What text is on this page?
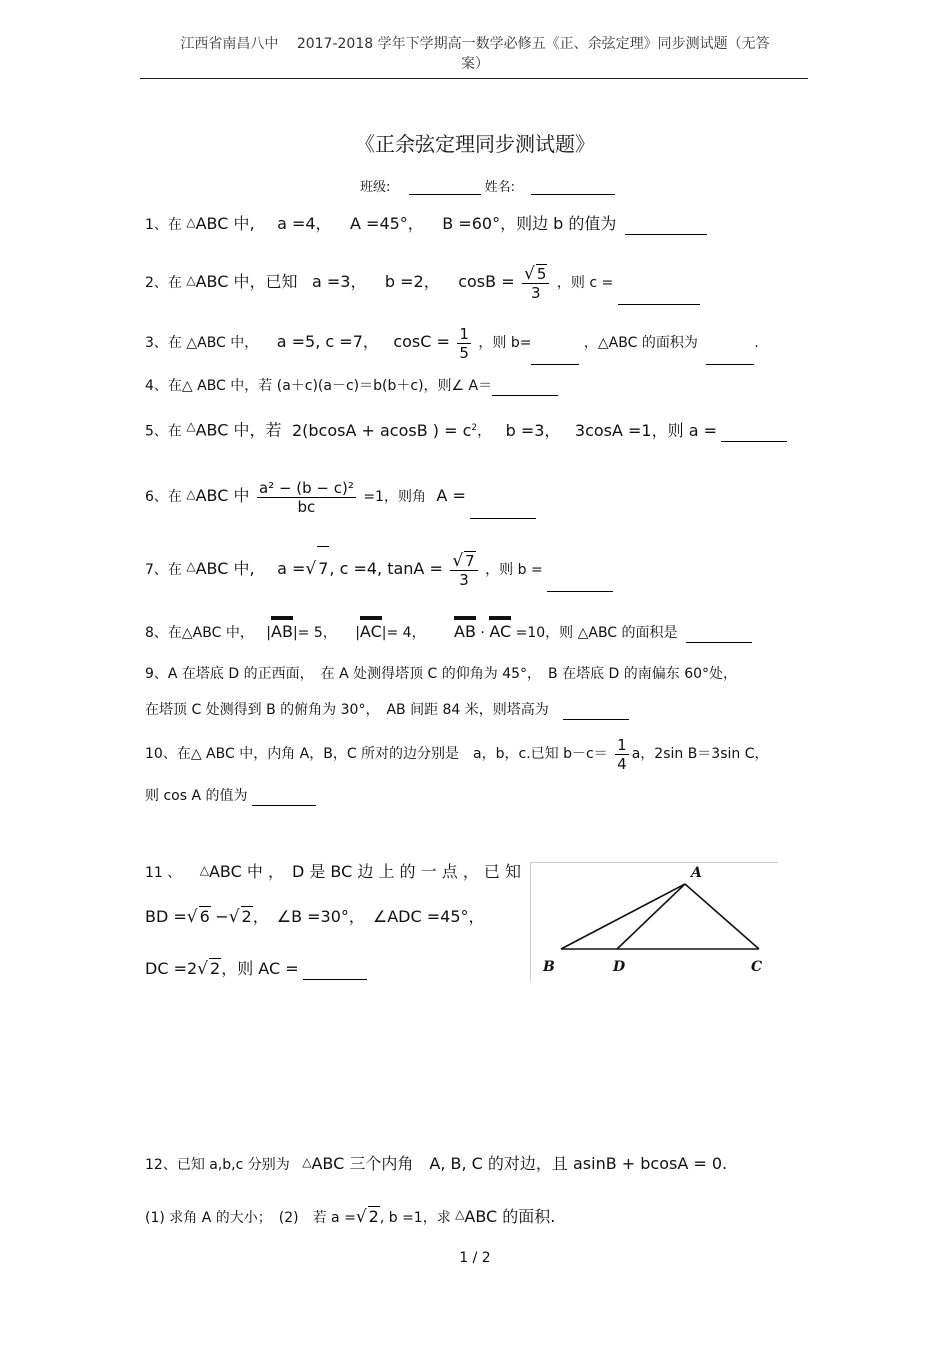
江西省南昌八中　 2017-2018 学年下学期高一数学必修五《正、余弦定理》同步测试题（无答
案）
《正余弦定理同步测试题》
班级:	姓名:
1、在 △ABC 中, a =4， A =45°， B =60°，则边 b 的值为
2、在 △ABC 中，已知 a =3， b =2， $\cos B = \frac{√ 5}{3}$ ，则 c =
3、在 △ABC 中， a =5, c =7， $\cos C = \frac{1}{5}$ ，则 b=	，△ABC 的面积为	.
4、在△ ABC 中，若 (a＋c)(a－c)＝b(b＋c)，则∠ A＝
5、在 △ABC 中，若 2(bcosA + acosB ) = $c^2$， b =3， 3cosA =1，则 a =
6、在 △ABC 中 $\frac{\text{a² − (b − c)²}}{bc} =1$，则角 A =
7、在 △ABC 中, a =√ 7, c =4, $\tan A = \frac{√ 7}{3}$ ，则 b =
8、在△ABC 中， |
AB|= 5， |
AC|= 4， AB · AC =10，则 △ABC 的面积是
9、A 在塔底 D 的正西面，　在 A 处测得塔顶 C 的仰角为 45°，　B 在塔底 D 的南偏东 60°处，
在塔顶 C 处测得到 B 的俯角为 30°，　AB 间距 84 米，则塔高为
10、在△ ABC 中，内角 A，B，C 所对的边分别是　a，b，c.已知 $b-c= \frac{1}{4}$ a，2sin B＝3sin C，
则 cos A 的值为
11 、 △ABC 中 ，　D 是 BC 边 上 的 一 点 ， 已 知
BD =√ 6 −√ 2，　∠B =30°，　∠ADC =45°，
DC =2√ 2，则 AC =
A
B	D	C
12、已知 a,b,c 分别为 △ABC 三个内角　A, B, C 的对边，且 asinB + bcosA = 0.
(1) 求角 A 的大小；　(2)　若 a =√ 2, b =1，求 △ABC 的面积.
1 / 2
